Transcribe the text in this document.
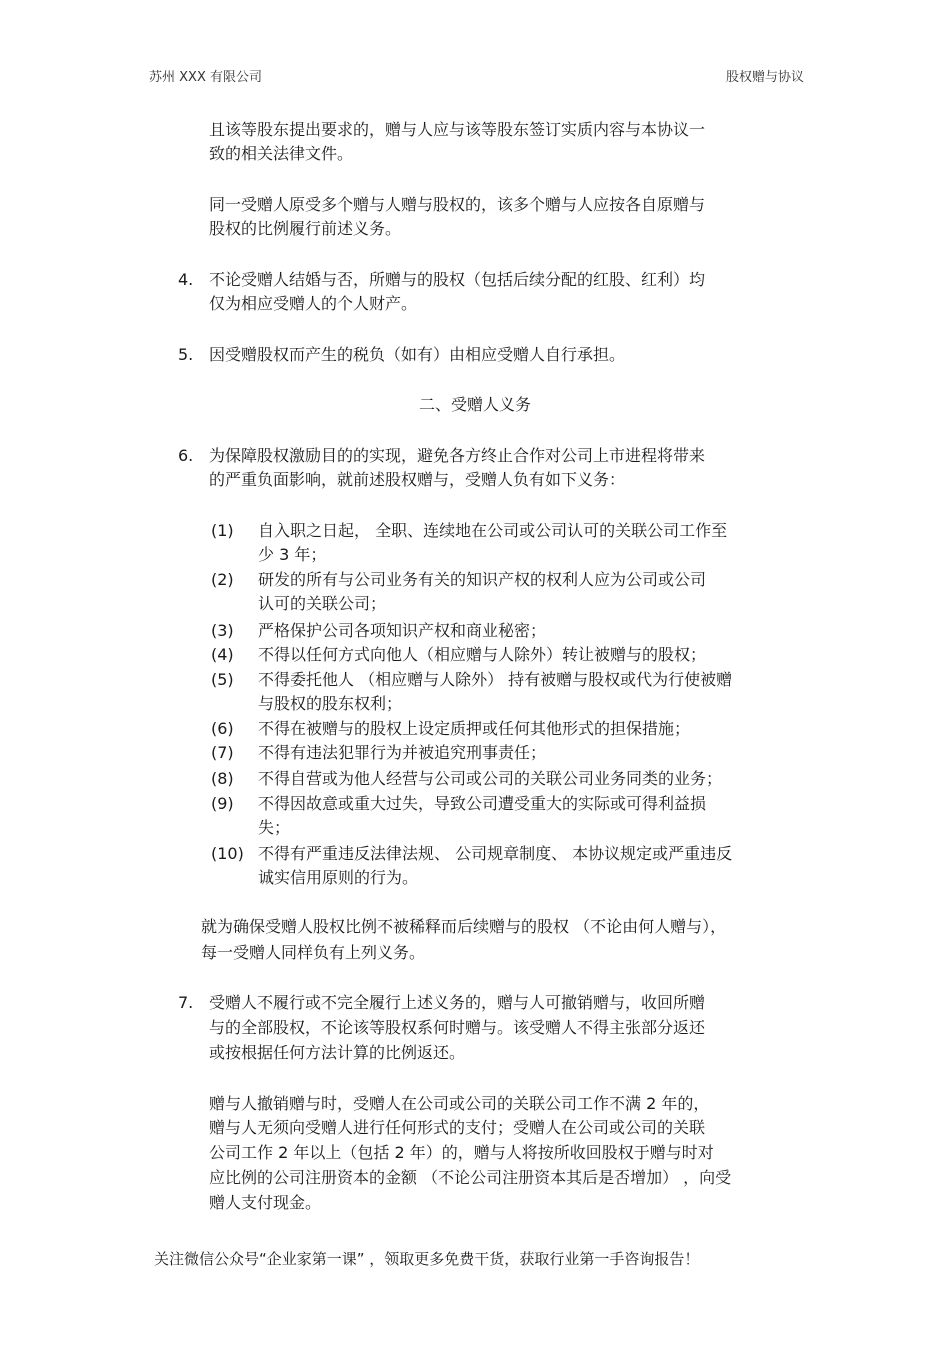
苏州 XXX 有限公司	股权赠与协议
且该等股东提出要求的，赠与人应与该等股东签订实质内容与本协议一
致的相关法律文件。
同一受赠人原受多个赠与人赠与股权的，该多个赠与人应按各自原赠与
股权的比例履行前述义务。
4. 不论受赠人结婚与否，所赠与的股权（包括后续分配的红股、红利）均
仅为相应受赠人的个人财产。
5. 因受赠股权而产生的税负（如有）由相应受赠人自行承担。
二、受赠人义务
6. 为保障股权激励目的的实现，避免各方终止合作对公司上市进程将带来
的严重负面影响，就前述股权赠与，受赠人负有如下义务：
(1) 自入职之日起， 全职、连续地在公司或公司认可的关联公司工作至
少 3 年；
(2) 研发的所有与公司业务有关的知识产权的权利人应为公司或公司
认可的关联公司；
(3) 严格保护公司各项知识产权和商业秘密；
(4) 不得以任何方式向他人（相应赠与人除外）转让被赠与的股权；
(5) 不得委托他人 （相应赠与人除外） 持有被赠与股权或代为行使被赠
与股权的股东权利；
(6) 不得在被赠与的股权上设定质押或任何其他形式的担保措施；
(7) 不得有违法犯罪行为并被追究刑事责任；
(8) 不得自营或为他人经营与公司或公司的关联公司业务同类的业务；
(9) 不得因故意或重大过失，导致公司遭受重大的实际或可得利益损
失；
(10) 不得有严重违反法律法规、 公司规章制度、 本协议规定或严重违反
诚实信用原则的行为。
就为确保受赠人股权比例不被稀释而后续赠与的股权 （不论由何人赠与），
每一受赠人同样负有上列义务。
7. 受赠人不履行或不完全履行上述义务的，赠与人可撤销赠与，收回所赠
与的全部股权，不论该等股权系何时赠与。该受赠人不得主张部分返还
或按根据任何方法计算的比例返还。
赠与人撤销赠与时，受赠人在公司或公司的关联公司工作不满 2 年的，
赠与人无须向受赠人进行任何形式的支付；受赠人在公司或公司的关联
公司工作 2 年以上（包括 2 年）的，赠与人将按所收回股权于赠与时对
应比例的公司注册资本的金额 （不论公司注册资本其后是否增加） ，向受
赠人支付现金。
关注微信公众号“企业家第一课” ，领取更多免费干货，获取行业第一手咨询报告！
